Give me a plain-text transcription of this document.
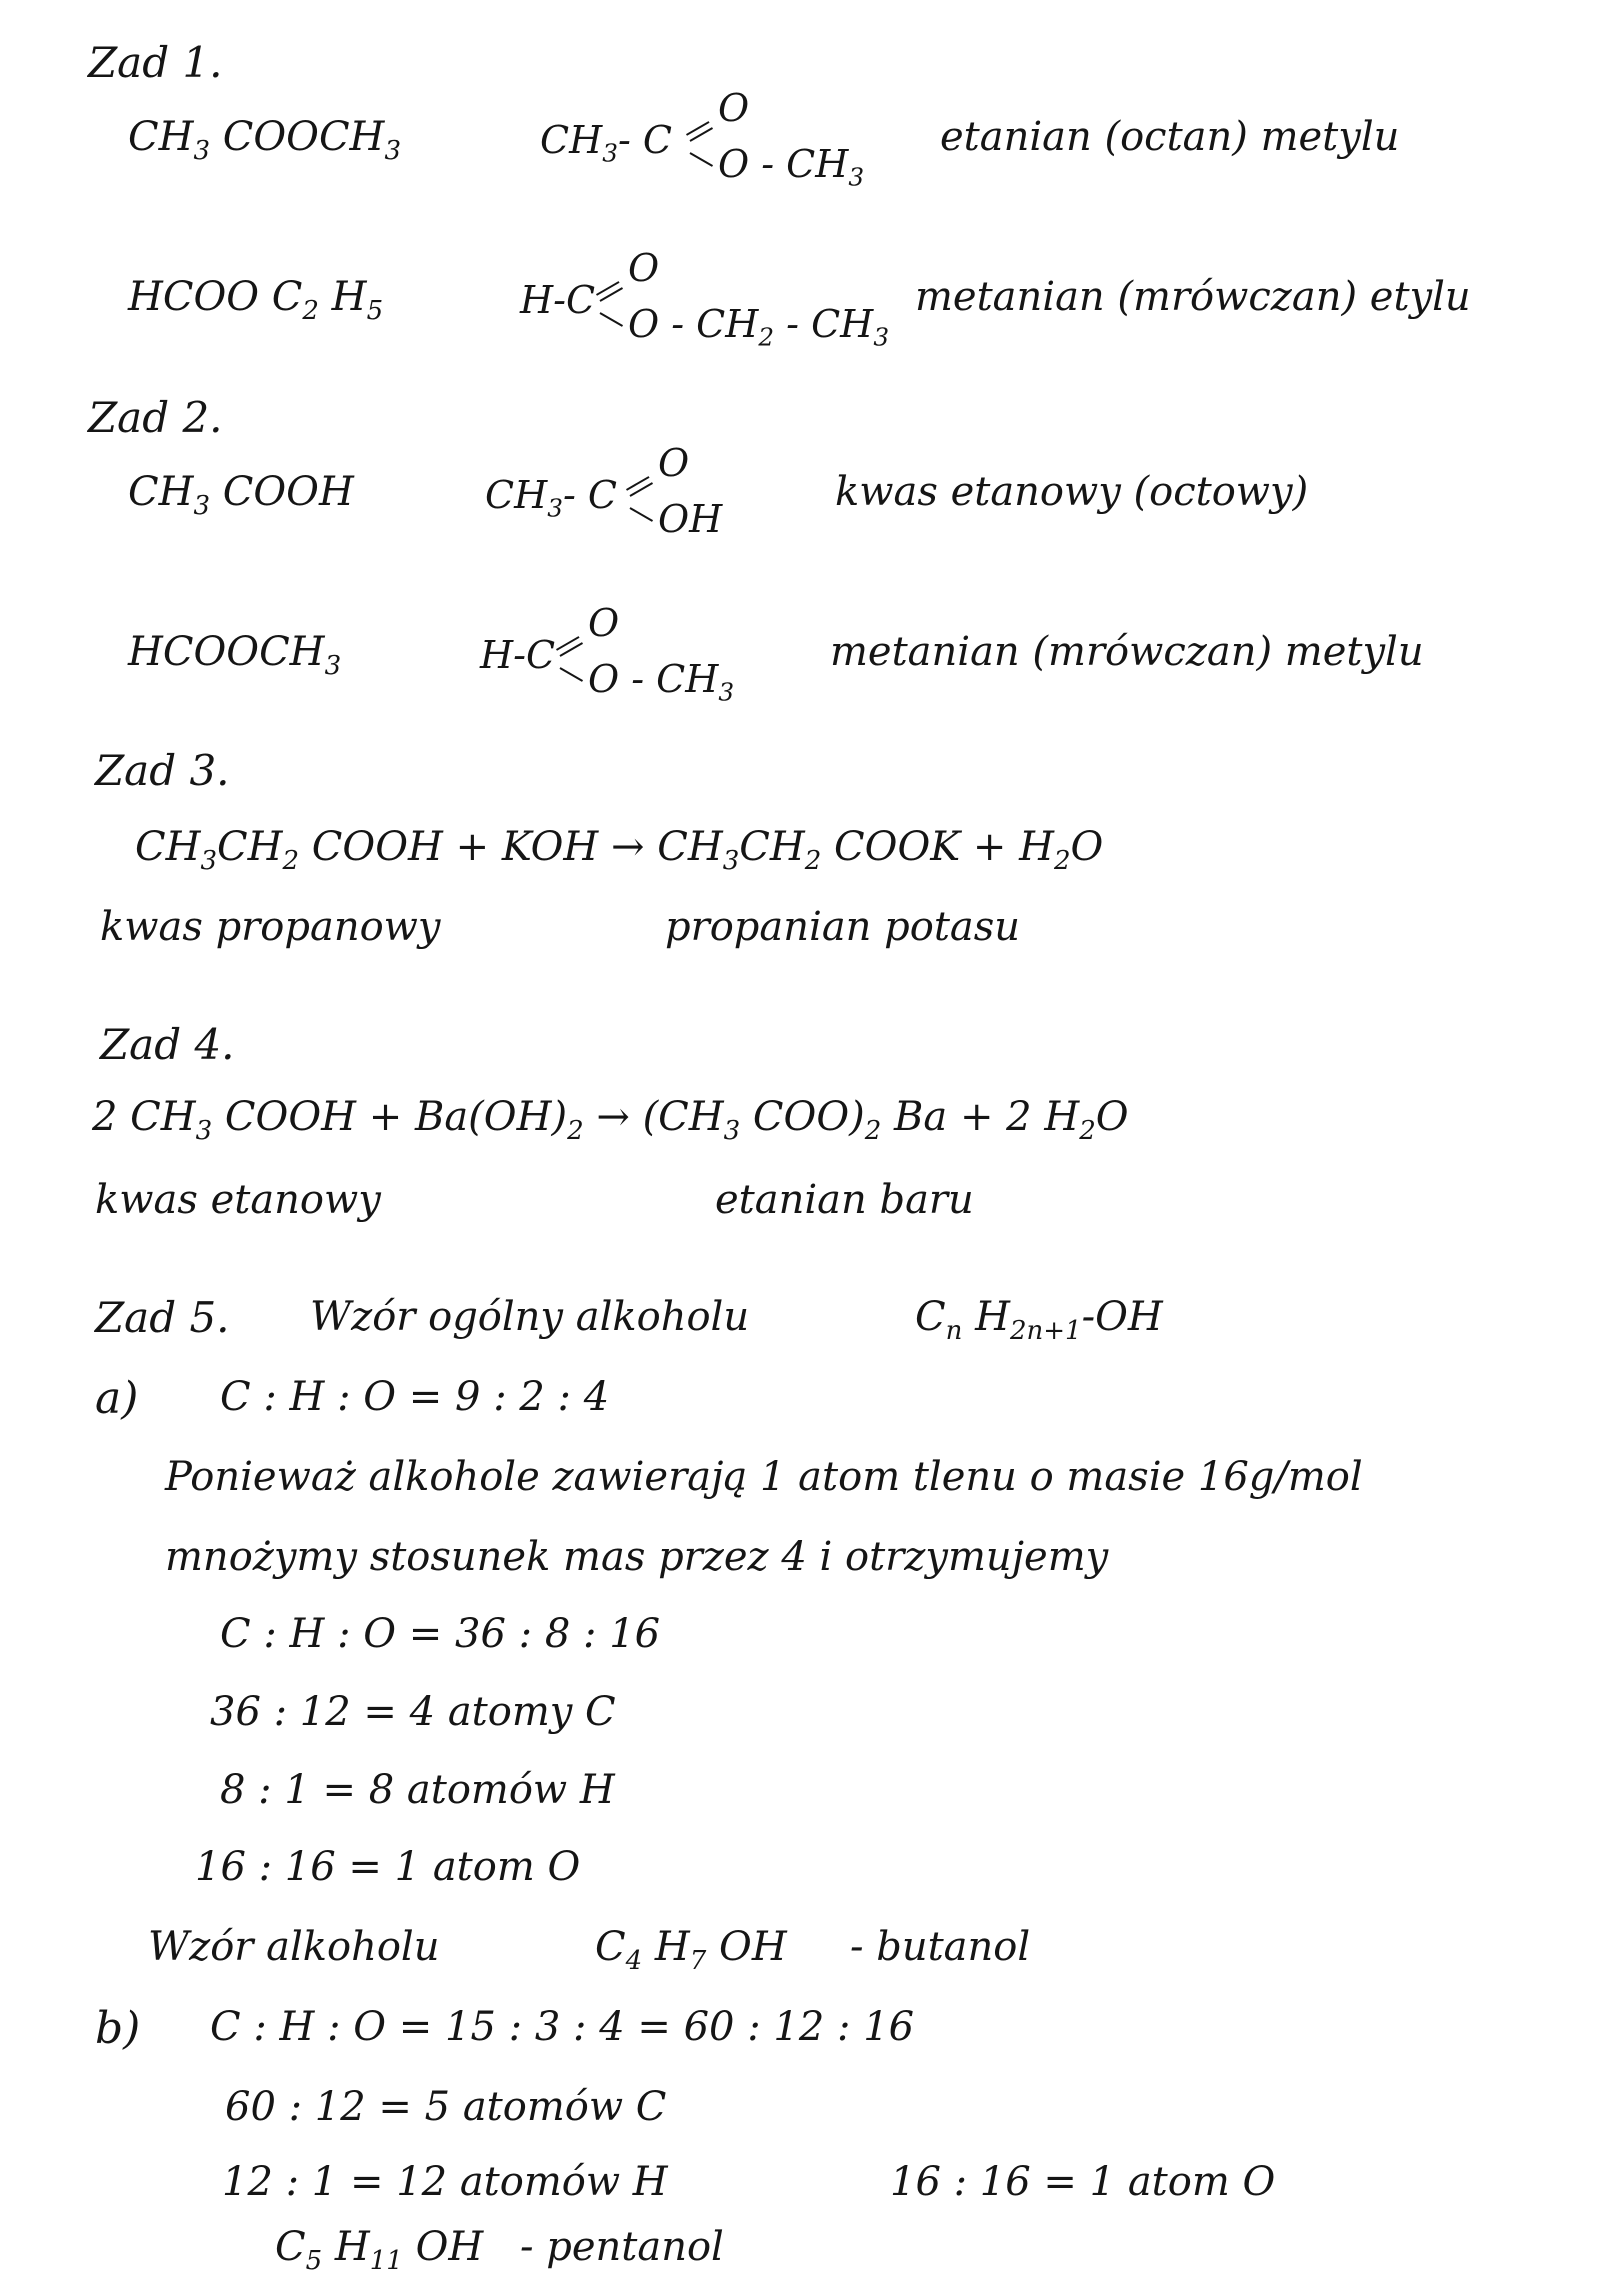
Zad 1.
$CH_3$ $COOCH_3$	$CH_3-$ C
O
O - $CH_3$
etanian (octan) metylu
HCOO $C_2$ $H_5$	H-C
O
O - $CH_2 - CH_3$
metanian (mrówczan) etylu
Zad 2.
$CH_3$ COOH	$CH_3-$ C
O
OH
kwas etanowy (octowy)
$HCOOCH_3$	H-C
O
O - $CH_3$
metanian (mrówczan) metylu
Zad 3.
$CH_3CH_2$ COOH + KOH → $CH_3CH_2$ COOK + $H_2O$
kwas propanowy	propanian potasu
Zad 4.
2 $CH_3$ COOH + $Ba(OH)_2 \to (CH_3$ $COO)_2$ Ba + 2 $H_2O$
kwas etanowy	etanian baru
Zad 5. Wzór ogólny alkoholu	$C_n$ $H_{2n+1}-OH$
a) C : H : O = 9 : 2 : 4
Ponieważ alkohole zawierają 1 atom tlenu o masie 16g/mol
mnożymy stosunek mas przez 4 i otrzymujemy
C : H : O = 36 : 8 : 16
36 : 12 = 4 atomy C
8 : 1 = 8 atomów H
16 : 16 = 1 atom O
Wzór alkoholu	$C_4$ $H_7$ OH - butanol
b) C : H : O = 15 : 3 : 4 = 60 : 12 : 16
60 : 12 = 5 atomów C
12 : 1 = 12 atomów H	16 : 16 = 1 atom O
$C_5$ $H_{11}$ OH - pentanol
